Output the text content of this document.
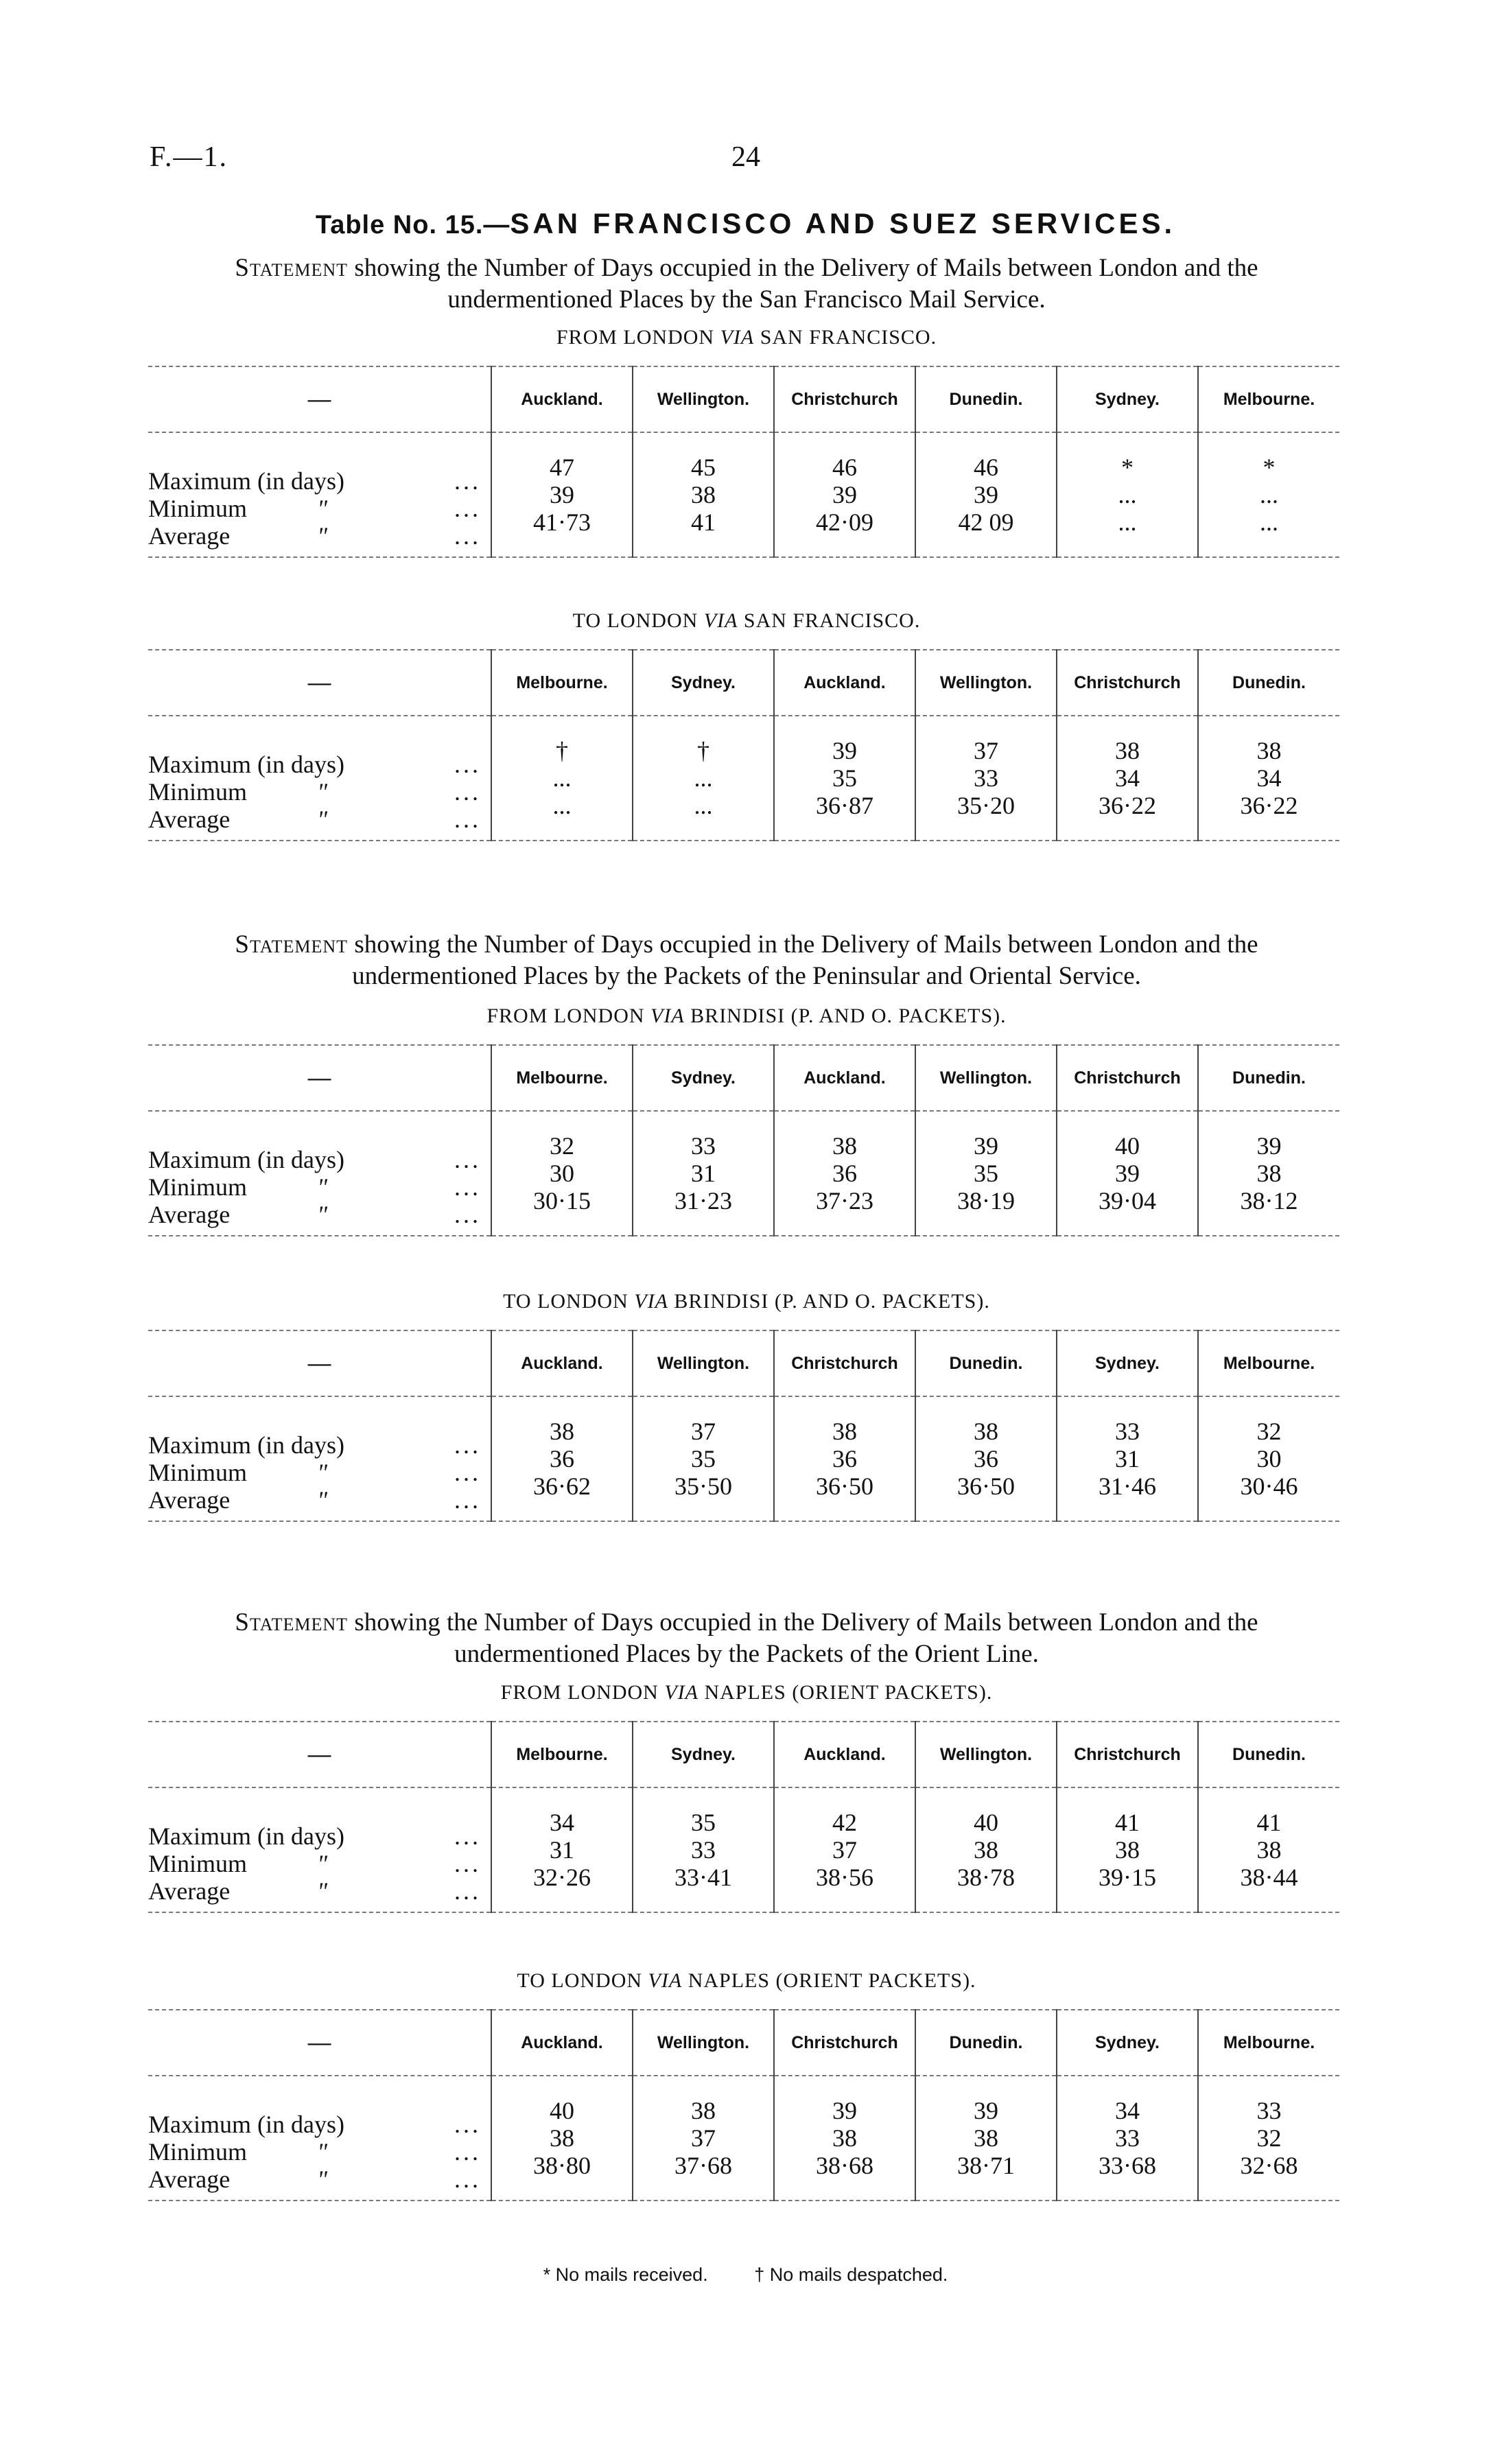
F.—1.	24
Table No. 15.—SAN FRANCISCO AND SUEZ SERVICES.
Statement showing the Number of Days occupied in the Delivery of Mails between London and the undermentioned Places by the San Francisco Mail Service.
FROM LONDON VIA SAN FRANCISCO.
—	Auckland.	Wellington.	Christchurch	Dunedin.	Sydney.	Melbourne.

Maximum (in days) ...	47	45	46	46	*	*

Minimum " ...	39	38	39	39	...	...

Average " ...	41·73	41	42·09	42 09	...	...
TO LONDON VIA SAN FRANCISCO.
—	Melbourne.	Sydney.	Auckland.	Wellington.	Christchurch	Dunedin.

Maximum (in days) ...	†	†	39	37	38	38

Minimum " ...	...	...	35	33	34	34

Average " ...	...	...	36·87	35·20	36·22	36·22
Statement showing the Number of Days occupied in the Delivery of Mails between London and the undermentioned Places by the Packets of the Peninsular and Oriental Service.
FROM LONDON VIA BRINDISI (P. AND O. PACKETS).
—	Melbourne.	Sydney.	Auckland.	Wellington.	Christchurch	Dunedin.

Maximum (in days) ...	32	33	38	39	40	39

Minimum " ...	30	31	36	35	39	38

Average " ...	30·15	31·23	37·23	38·19	39·04	38·12
TO LONDON VIA BRINDISI (P. AND O. PACKETS).
—	Auckland.	Wellington.	Christchurch	Dunedin.	Sydney.	Melbourne.

Maximum (in days) ...	38	37	38	38	33	32

Minimum " ...	36	35	36	36	31	30

Average " ...	36·62	35·50	36·50	36·50	31·46	30·46
Statement showing the Number of Days occupied in the Delivery of Mails between London and the undermentioned Places by the Packets of the Orient Line.
FROM LONDON VIA NAPLES (ORIENT PACKETS).
—	Melbourne.	Sydney.	Auckland.	Wellington.	Christchurch	Dunedin.

Maximum (in days) ...	34	35	42	40	41	41

Minimum " ...	31	33	37	38	38	38

Average " ...	32·26	33·41	38·56	38·78	39·15	38·44
TO LONDON VIA NAPLES (ORIENT PACKETS).
—	Auckland.	Wellington.	Christchurch	Dunedin.	Sydney.	Melbourne.

Maximum (in days) ...	40	38	39	39	34	33

Minimum " ...	38	37	38	38	33	32

Average " ...	38·80	37·68	38·68	38·71	33·68	32·68
* No mails received.	† No mails despatched.
